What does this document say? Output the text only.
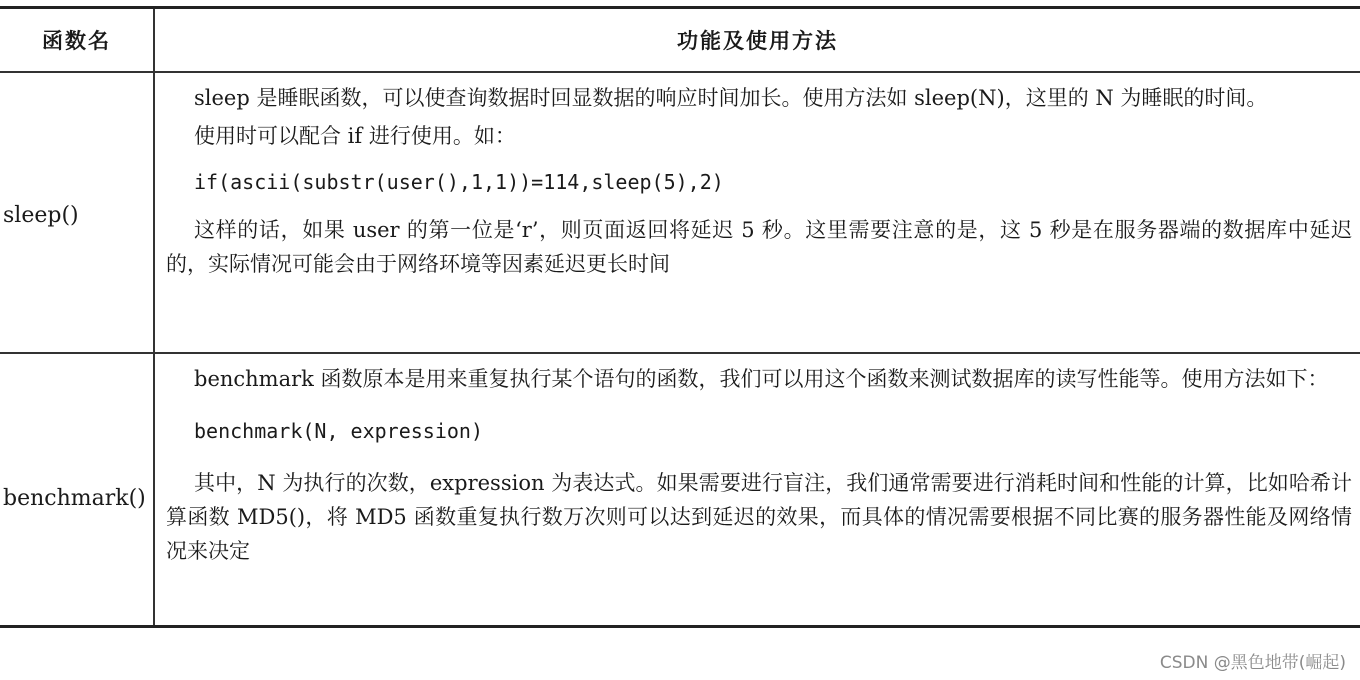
函数名	功能及使用方法
sleep()

sleep 是睡眠函数，可以使查询数据时回显数据的响应时间加长。使用方法如 sleep(N)，这里的 N 为睡眠的时间。

使用时可以配合 if 进行使用。如：

if(ascii(substr(user(),1,1))=114,sleep(5),2)

这样的话，如果 user 的第一位是‘r’，则页面返回将延迟 5 秒。这里需要注意的是，这 5 秒是在服务器端的数据库中延迟的，实际情况可能会由于网络环境等因素延迟更长时间

benchmark()

benchmark 函数原本是用来重复执行某个语句的函数，我们可以用这个函数来测试数据库的读写性能等。使用方法如下：

benchmark(N, expression)

其中，N 为执行的次数，expression 为表达式。如果需要进行盲注，我们通常需要进行消耗时间和性能的计算，比如哈希计算函数 MD5()，将 MD5 函数重复执行数万次则可以达到延迟的效果，而具体的情况需要根据不同比赛的服务器性能及网络情况来决定

CSDN @黑色地带(崛起)
